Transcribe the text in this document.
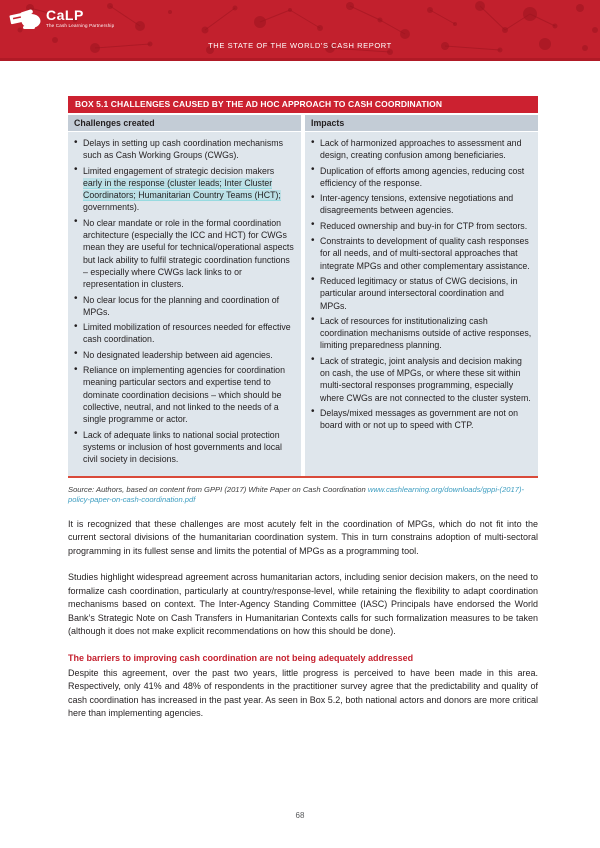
CaLP
The Cash Learning Partnership
THE STATE OF THE WORLD'S CASH REPORT
BOX 5.1 CHALLENGES CAUSED BY THE AD HOC APPROACH TO CASH COORDINATION
Challenges created
• Delays in setting up cash coordination mechanisms such as Cash Working Groups (CWGs).
• Limited engagement of strategic decision makers early in the response (cluster leads; Inter Cluster Coordinators; Humanitarian Country Teams (HCT); governments).
• No clear mandate or role in the formal coordination architecture (especially the ICC and HCT) for CWGs mean they are useful for technical/operational aspects but lack ability to fulfil strategic coordination functions – especially where CWGs lack links to or representation in clusters.
• No clear locus for the planning and coordination of MPGs.
• Limited mobilization of resources needed for effective cash coordination.
• No designated leadership between aid agencies.
• Reliance on implementing agencies for coordination meaning particular sectors and expertise tend to dominate coordination decisions – which should be collective, neutral, and not linked to the needs of a single programme or actor.
• Lack of adequate links to national social protection systems or inclusion of host governments and local civil society in decisions.
Impacts
• Lack of harmonized approaches to assessment and design, creating confusion among beneficiaries.
• Duplication of efforts among agencies, reducing cost efficiency of the response.
• Inter-agency tensions, extensive negotiations and disagreements between agencies.
• Reduced ownership and buy-in for CTP from sectors.
• Constraints to development of quality cash responses for all needs, and of multi-sectoral approaches that integrate MPGs and other complementary assistance.
• Reduced legitimacy or status of CWG decisions, in particular around intersectoral coordination and MPGs.
• Lack of resources for institutionalizing cash coordination mechanisms outside of active responses, limiting preparedness planning.
• Lack of strategic, joint analysis and decision making on cash, the use of MPGs, or where these sit within multi-sectoral responses programming, especially where CWGs are not connected to the cluster system.
• Delays/mixed messages as government are not on board with or not up to speed with CTP.

Source: Authors, based on content from GPPI (2017) White Paper on Cash Coordination www.cashlearning.org/downloads/gppi-(2017)-policy-paper-on-cash-coordination.pdf

It is recognized that these challenges are most acutely felt in the coordination of MPGs, which do not fit into the current sectoral divisions of the humanitarian coordination system. This in turn constrains adoption of multi-sectoral programming in its fullest sense and limits the potential of MPGs as a programming tool.

Studies highlight widespread agreement across humanitarian actors, including senior decision makers, on the need to formalize cash coordination, particularly at country/response-level, while retaining the flexibility to adapt coordination mechanisms based on context. The Inter-Agency Standing Committee (IASC) Principals have endorsed the World Bank’s Strategic Note on Cash Transfers in Humanitarian Contexts calls for such formalization measures to be taken (although it does not make explicit recommendations on how this should be done).

The barriers to improving cash coordination are not being adequately addressed

Despite this agreement, over the past two years, little progress is perceived to have been made in this area. Respectively, only 41% and 48% of respondents in the practitioner survey agree that the predictability and quality of cash coordination has increased in the past year. As seen in Box 5.2, both national actors and donors are more critical here than implementing agencies.

68
